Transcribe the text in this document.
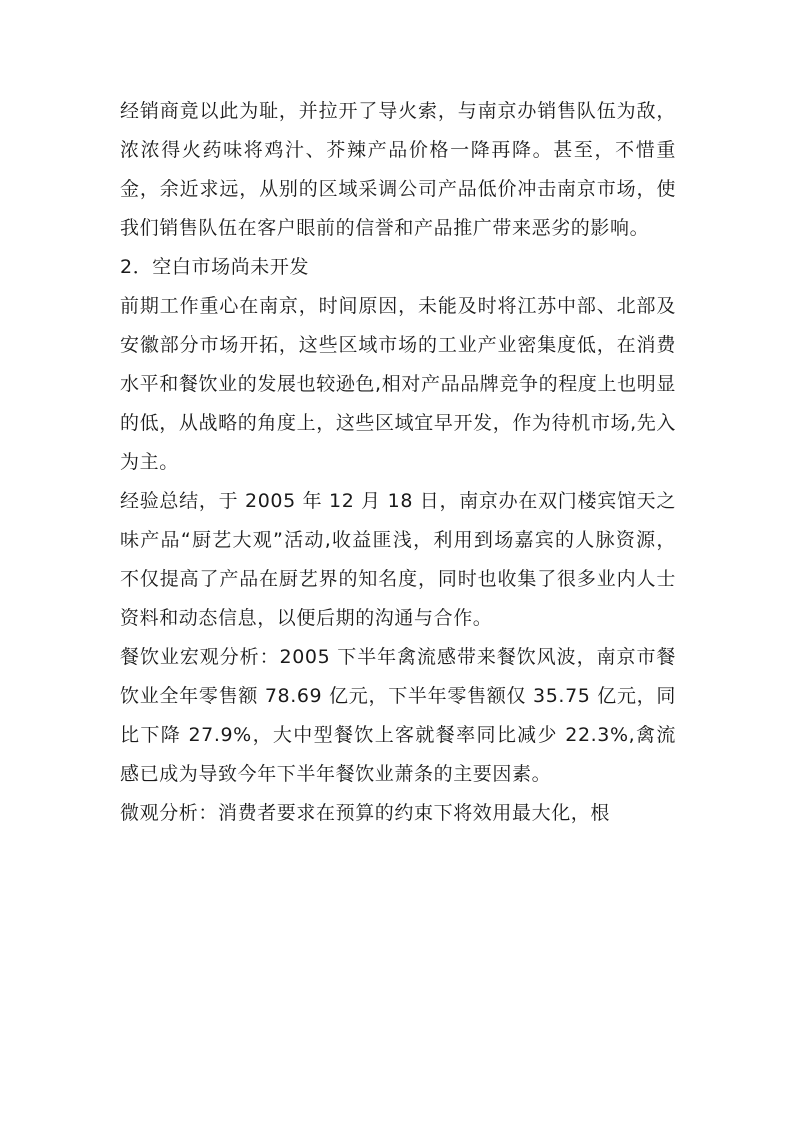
经销商竟以此为耻，并拉开了导火索，与南京办销售队伍为敌，浓浓得火药味将鸡汁、芥辣产品价格一降再降。甚至，不惜重金，余近求远，从别的区域采调公司产品低价冲击南京市场，使我们销售队伍在客户眼前的信誉和产品推广带来恶劣的影响。

2．空白市场尚未开发

前期工作重心在南京，时间原因，未能及时将江苏中部、北部及安徽部分市场开拓，这些区域市场的工业产业密集度低，在消费水平和餐饮业的发展也较逊色,相对产品品牌竞争的程度上也明显的低，从战略的角度上，这些区域宜早开发，作为待机市场,先入为主。

经验总结，于 2005 年 12 月 18 日，南京办在双门楼宾馆天之味产品“厨艺大观”活动,收益匪浅，利用到场嘉宾的人脉资源，不仅提高了产品在厨艺界的知名度，同时也收集了很多业内人士资料和动态信息，以便后期的沟通与合作。

餐饮业宏观分析：2005 下半年禽流感带来餐饮风波，南京市餐饮业全年零售额 78.69 亿元，下半年零售额仅 35.75 亿元，同比下降 27.9%，大中型餐饮上客就餐率同比减少 22.3%,禽流感已成为导致今年下半年餐饮业萧条的主要因素。

微观分析：消费者要求在预算的约束下将效用最大化，根
